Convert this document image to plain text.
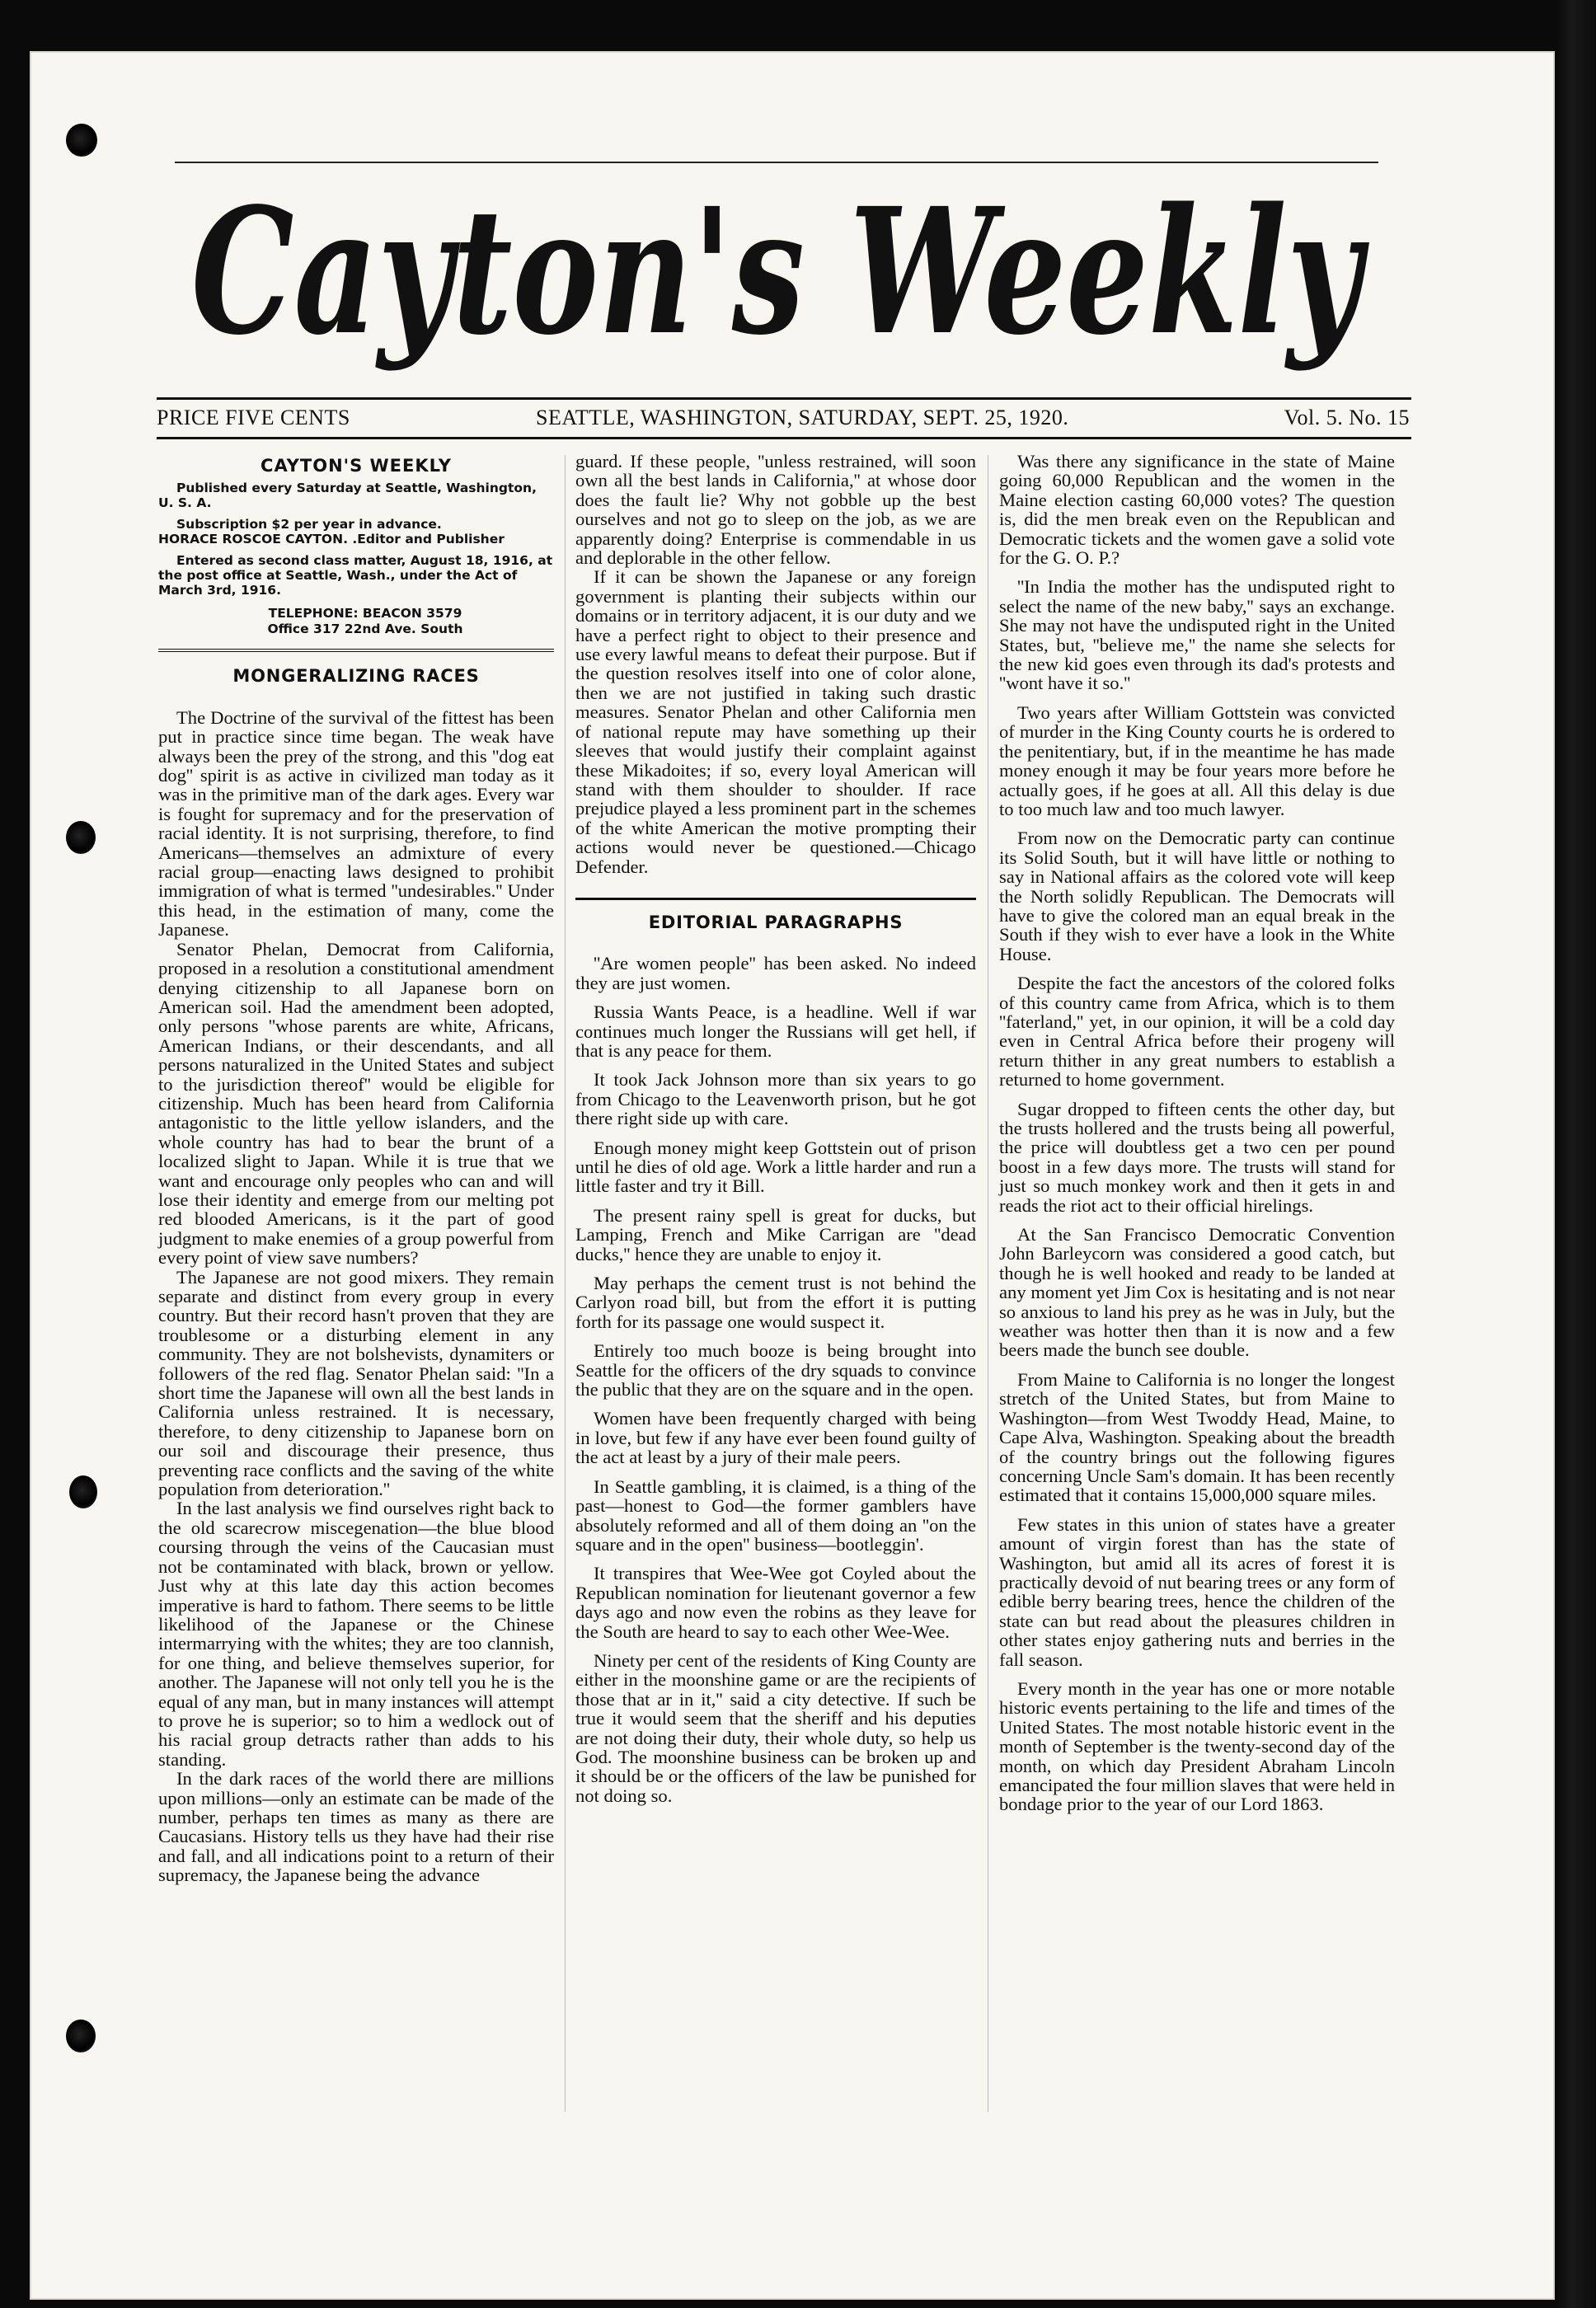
Cayton's Weekly
PRICE FIVE CENTS	SEATTLE, WASHINGTON, SATURDAY, SEPT. 25, 1920.	Vol. 5. No. 15
CAYTON'S WEEKLY

Published every Saturday at Seattle, Washington, U. S. A.

Subscription $2 per year in advance.

HORACE ROSCOE CAYTON. .Editor and Publisher

Entered as second class matter, August 18, 1916, at the post office at Seattle, Wash., under the Act of March 3rd, 1916.

TELEPHONE: BEACON 3579

Office 317 22nd Ave. South

MONGERALIZING RACES

The Doctrine of the survival of the fittest has been put in practice since time began. The weak have always been the prey of the strong, and this ''dog eat dog'' spirit is as active in civilized man today as it was in the primitive man of the dark ages. Every war is fought for supremacy and for the preservation of racial identity. It is not surprising, therefore, to find Americans—themselves an admixture of every racial group—enacting laws designed to prohibit immigration of what is termed ''undesirables.'' Under this head, in the estimation of many, come the Japanese.

Senator Phelan, Democrat from California, proposed in a resolution a constitutional amendment denying citizenship to all Japanese born on American soil. Had the amendment been adopted, only persons ''whose parents are white, Africans, American Indians, or their descendants, and all persons naturalized in the United States and subject to the jurisdiction thereof'' would be eligible for citizenship. Much has been heard from California antagonistic to the little yellow islanders, and the whole country has had to bear the brunt of a localized slight to Japan. While it is true that we want and encourage only peoples who can and will lose their identity and emerge from our melting pot red blooded Americans, is it the part of good judgment to make enemies of a group powerful from every point of view save numbers?

The Japanese are not good mixers. They remain separate and distinct from every group in every country. But their record hasn't proven that they are troublesome or a disturbing element in any community. They are not bolshevists, dynamiters or followers of the red flag. Senator Phelan said: ''In a short time the Japanese will own all the best lands in California unless restrained. It is necessary, therefore, to deny citizenship to Japanese born on our soil and discourage their presence, thus preventing race conflicts and the saving of the white population from deterioration.''

In the last analysis we find ourselves right back to the old scarecrow miscegenation—the blue blood coursing through the veins of the Caucasian must not be contaminated with black, brown or yellow. Just why at this late day this action becomes imperative is hard to fathom. There seems to be little likelihood of the Japanese or the Chinese intermarrying with the whites; they are too clannish, for one thing, and believe themselves superior, for another. The Japanese will not only tell you he is the equal of any man, but in many instances will attempt to prove he is superior; so to him a wedlock out of his racial group detracts rather than adds to his standing.

In the dark races of the world there are millions upon millions—only an estimate can be made of the number, perhaps ten times as many as there are Caucasians. History tells us they have had their rise and fall, and all indications point to a return of their supremacy, the Japanese being the advance

guard. If these people, ''unless restrained, will soon own all the best lands in California,'' at whose door does the fault lie? Why not gobble up the best ourselves and not go to sleep on the job, as we are apparently doing? Enterprise is commendable in us and deplorable in the other fellow.

If it can be shown the Japanese or any foreign government is planting their subjects within our domains or in territory adjacent, it is our duty and we have a perfect right to object to their presence and use every lawful means to defeat their purpose. But if the question resolves itself into one of color alone, then we are not justified in taking such drastic measures. Senator Phelan and other California men of national repute may have something up their sleeves that would justify their complaint against these Mikadoites; if so, every loyal American will stand with them shoulder to shoulder. If race prejudice played a less prominent part in the schemes of the white American the motive prompting their actions would never be questioned.—Chicago Defender.

EDITORIAL PARAGRAPHS

''Are women people'' has been asked. No indeed they are just women.

Russia Wants Peace, is a headline. Well if war continues much longer the Russians will get hell, if that is any peace for them.

It took Jack Johnson more than six years to go from Chicago to the Leavenworth prison, but he got there right side up with care.

Enough money might keep Gottstein out of prison until he dies of old age. Work a little harder and run a little faster and try it Bill.

The present rainy spell is great for ducks, but Lamping, French and Mike Carrigan are ''dead ducks,'' hence they are unable to enjoy it.

May perhaps the cement trust is not behind the Carlyon road bill, but from the effort it is putting forth for its passage one would suspect it.

Entirely too much booze is being brought into Seattle for the officers of the dry squads to convince the public that they are on the square and in the open.

Women have been frequently charged with being in love, but few if any have ever been found guilty of the act at least by a jury of their male peers.

In Seattle gambling, it is claimed, is a thing of the past—honest to God—the former gamblers have absolutely reformed and all of them doing an ''on the square and in the open'' business—bootleggin'.

It transpires that Wee-Wee got Coyled about the Republican nomination for lieutenant governor a few days ago and now even the robins as they leave for the South are heard to say to each other Wee-Wee.

Ninety per cent of the residents of King County are either in the moonshine game or are the recipients of those that ar in it,'' said a city detective. If such be true it would seem that the sheriff and his deputies are not doing their duty, their whole duty, so help us God. The moonshine business can be broken up and it should be or the officers of the law be punished for not doing so.

Was there any significance in the state of Maine going 60,000 Republican and the women in the Maine election casting 60,000 votes? The question is, did the men break even on the Republican and Democratic tickets and the women gave a solid vote for the G. O. P.?

''In India the mother has the undisputed right to select the name of the new baby,'' says an exchange. She may not have the undisputed right in the United States, but, ''believe me,'' the name she selects for the new kid goes even through its dad's protests and ''wont have it so.''

Two years after William Gottstein was convicted of murder in the King County courts he is ordered to the penitentiary, but, if in the meantime he has made money enough it may be four years more before he actually goes, if he goes at all. All this delay is due to too much law and too much lawyer.

From now on the Democratic party can continue its Solid South, but it will have little or nothing to say in National affairs as the colored vote will keep the North solidly Republican. The Democrats will have to give the colored man an equal break in the South if they wish to ever have a look in the White House.

Despite the fact the ancestors of the colored folks of this country came from Africa, which is to them ''faterland,'' yet, in our opinion, it will be a cold day even in Central Africa before their progeny will return thither in any great numbers to establish a returned to home government.

Sugar dropped to fifteen cents the other day, but the trusts hollered and the trusts being all powerful, the price will doubtless get a two cen per pound boost in a few days more. The trusts will stand for just so much monkey work and then it gets in and reads the riot act to their official hirelings.

At the San Francisco Democratic Convention John Barleycorn was considered a good catch, but though he is well hooked and ready to be landed at any moment yet Jim Cox is hesitating and is not near so anxious to land his prey as he was in July, but the weather was hotter then than it is now and a few beers made the bunch see double.

From Maine to California is no longer the longest stretch of the United States, but from Maine to Washington—from West Twoddy Head, Maine, to Cape Alva, Washington. Speaking about the breadth of the country brings out the following figures concerning Uncle Sam's domain. It has been recently estimated that it contains 15,000,000 square miles.

Few states in this union of states have a greater amount of virgin forest than has the state of Washington, but amid all its acres of forest it is practically devoid of nut bearing trees or any form of edible berry bearing trees, hence the children of the state can but read about the pleasures children in other states enjoy gathering nuts and berries in the fall season.

Every month in the year has one or more notable historic events pertaining to the life and times of the United States. The most notable historic event in the month of September is the twenty-second day of the month, on which day President Abraham Lincoln emancipated the four million slaves that were held in bondage prior to the year of our Lord 1863.
